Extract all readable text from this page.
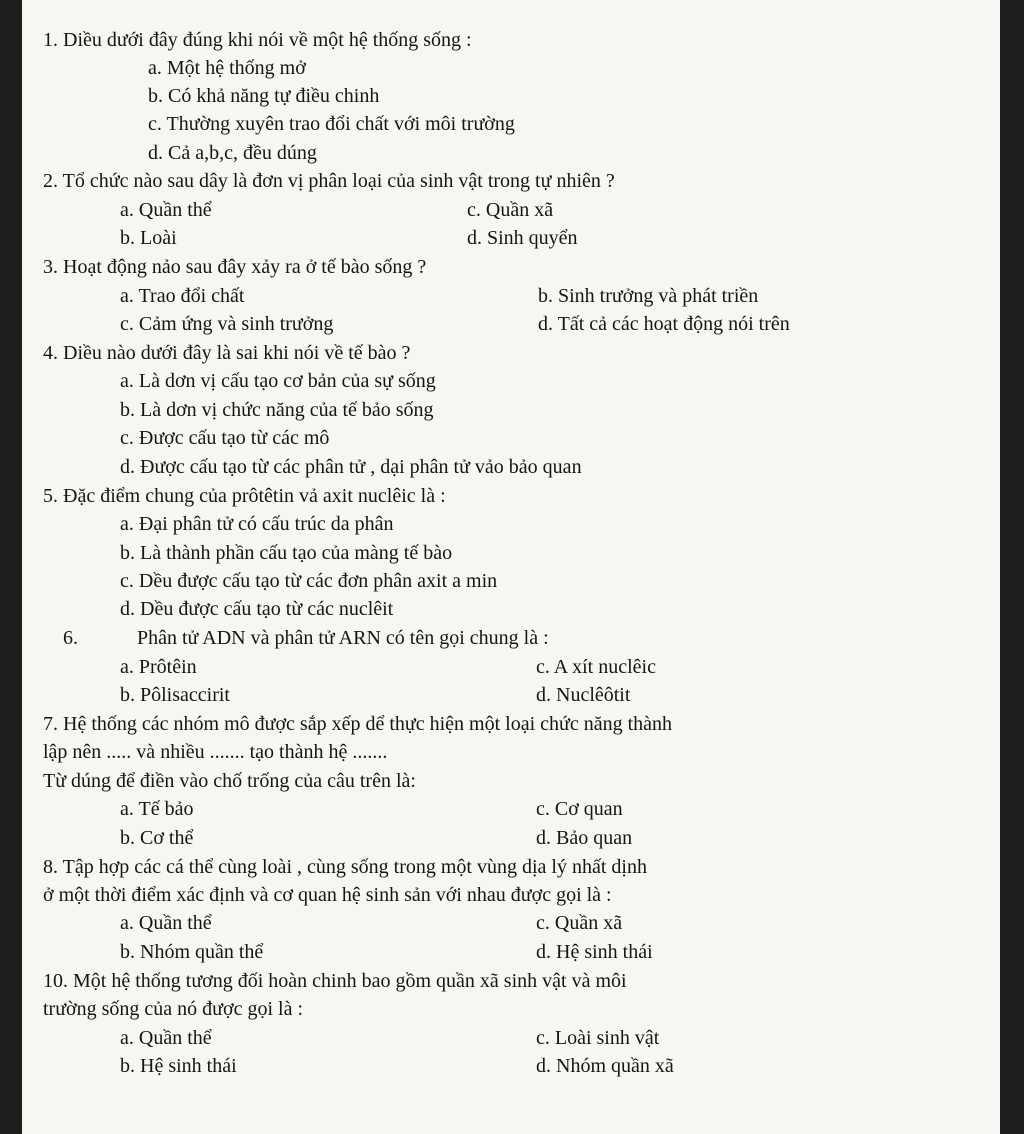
1. Diều dưới đây đúng khi nói về một hệ thống sống :
a. Một hệ thống mở
b. Có khả năng tự điều chinh
c. Thường xuyên trao đổi chất với môi trường
d. Cả a,b,c, đều dúng
2. Tổ chức nào sau dây là đơn vị phân loại của sinh vật trong tự nhiên ?
a. Quần thể	c. Quần xã
b. Loài	d. Sinh quyển
3. Hoạt động nảo sau đây xảy ra ở tế bào sống ?
a. Trao đổi chất	b. Sinh trưởng và phát triền
c. Cảm ứng và sinh trưởng	d. Tất cả các hoạt động nói trên
4. Diều nào dưới đây là sai khi nói về tế bào ?
a. Là dơn vị cấu tạo cơ bản của sự sống
b. Là dơn vị chức năng của tế bảo sống
c. Được cấu tạo từ các mô
d. Được cấu tạo từ các phân tử , dại phân tử vảo bảo quan
5. Đặc điểm chung của prôtêtin vả axit nuclêic là :
a. Đại phân tử có cấu trúc da phân
b. Là thành phần cấu tạo của màng tế bào
c. Dều được cấu tạo từ các đơn phân axit a min
d. Dều được cấu tạo từ các nuclêit
6.	Phân tử ADN và phân tử ARN có tên gọi chung là :
a. Prôtêin	c. A xít nuclêic
b. Pôlisaccirit	d. Nuclêôtit
7. Hệ thống các nhóm mô được sắp xếp dể thực hiện một loại chức năng thành
lập nên ..... và nhiều ....... tạo thành hệ .......
Từ dúng để điền vào chố trống của câu trên là:
a. Tế bảo	c. Cơ quan
b. Cơ thể	d. Bảo quan
8. Tập hợp các cá thể cùng loài , cùng sống trong một vùng dịa lý nhất dịnh
ở một thời điểm xác định và cơ quan hệ sinh sản với nhau được gọi là :
a. Quần thể	c. Quần xã
b. Nhóm quần thể	d. Hệ sinh thái
10. Một hệ thống tương đối hoàn chinh bao gồm quần xã sinh vật và môi
trường sống của nó được gọi là :
a. Quần thể	c. Loài sinh vật
b. Hệ sinh thái	d. Nhóm quần xã
